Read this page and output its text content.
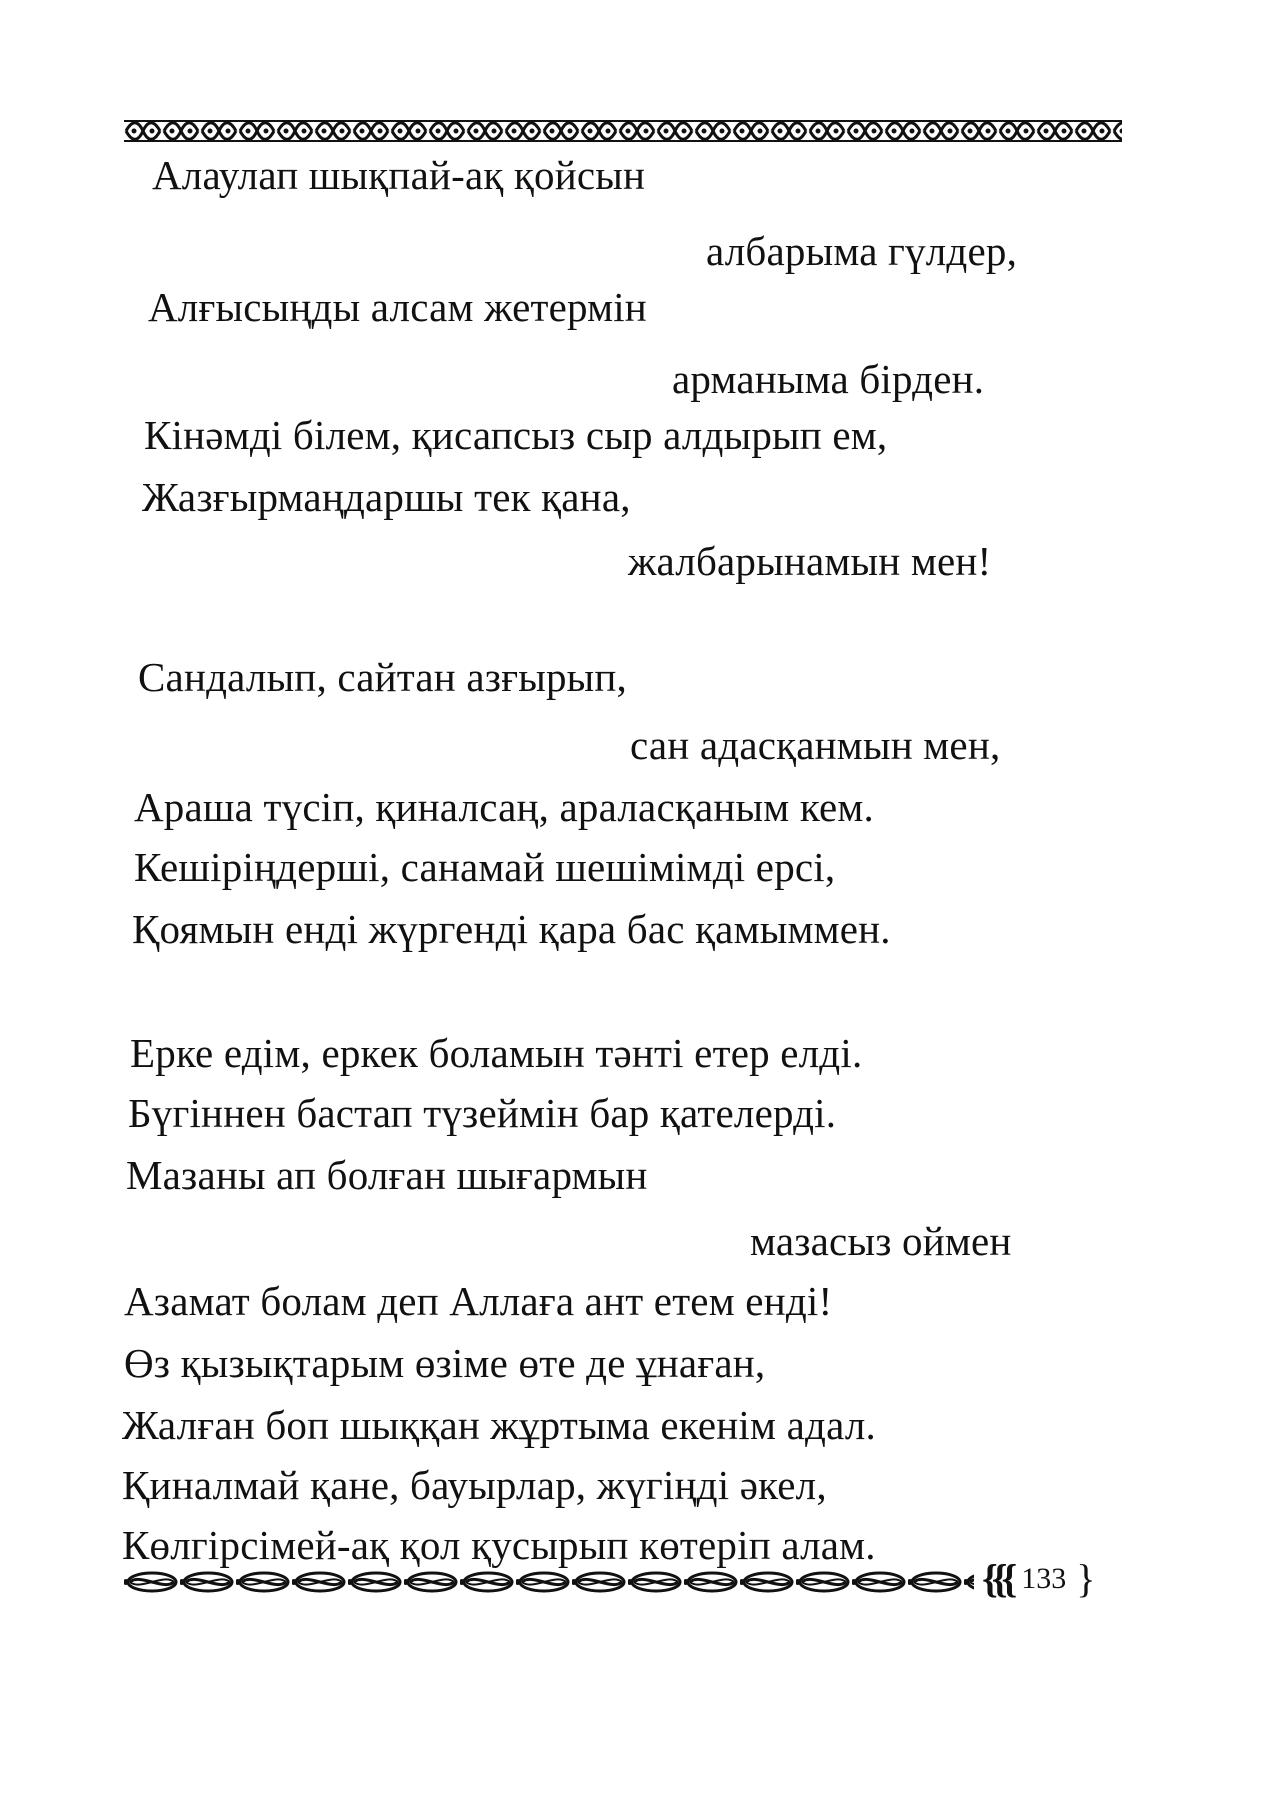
Алаулап шықпай-ақ қойсын
албарыма гүлдер,
Алғысыңды алсам жетермін
арманыма бірден.
Кінәмді білем, қисапсыз сыр алдырып ем,
Жазғырмаңдаршы тек қана,
жалбарынамын мен!
Сандалып, сайтан азғырып,
сан адасқанмын мен,
Араша түсіп, қиналсаң, араласқаным кем.
Кешіріңдерші, санамай шешімімді ерсі,
Қоямын енді жүргенді қара бас қамыммен.
Ерке едім, еркек боламын тәнті етер елді.
Бүгіннен бастап түзеймін бар қателерді.
Мазаны ап болған шығармын
мазасыз оймен
Азамат болам деп Аллаға ант етем енді!
Өз қызықтарым өзіме өте де ұнаған,
Жалған боп шыққан жұртыма екенім адал.
Қиналмай қане, бауырлар, жүгіңді әкел,
Көлгірсімей-ақ қол қусырып көтеріп алам.
{{{ 133 }
